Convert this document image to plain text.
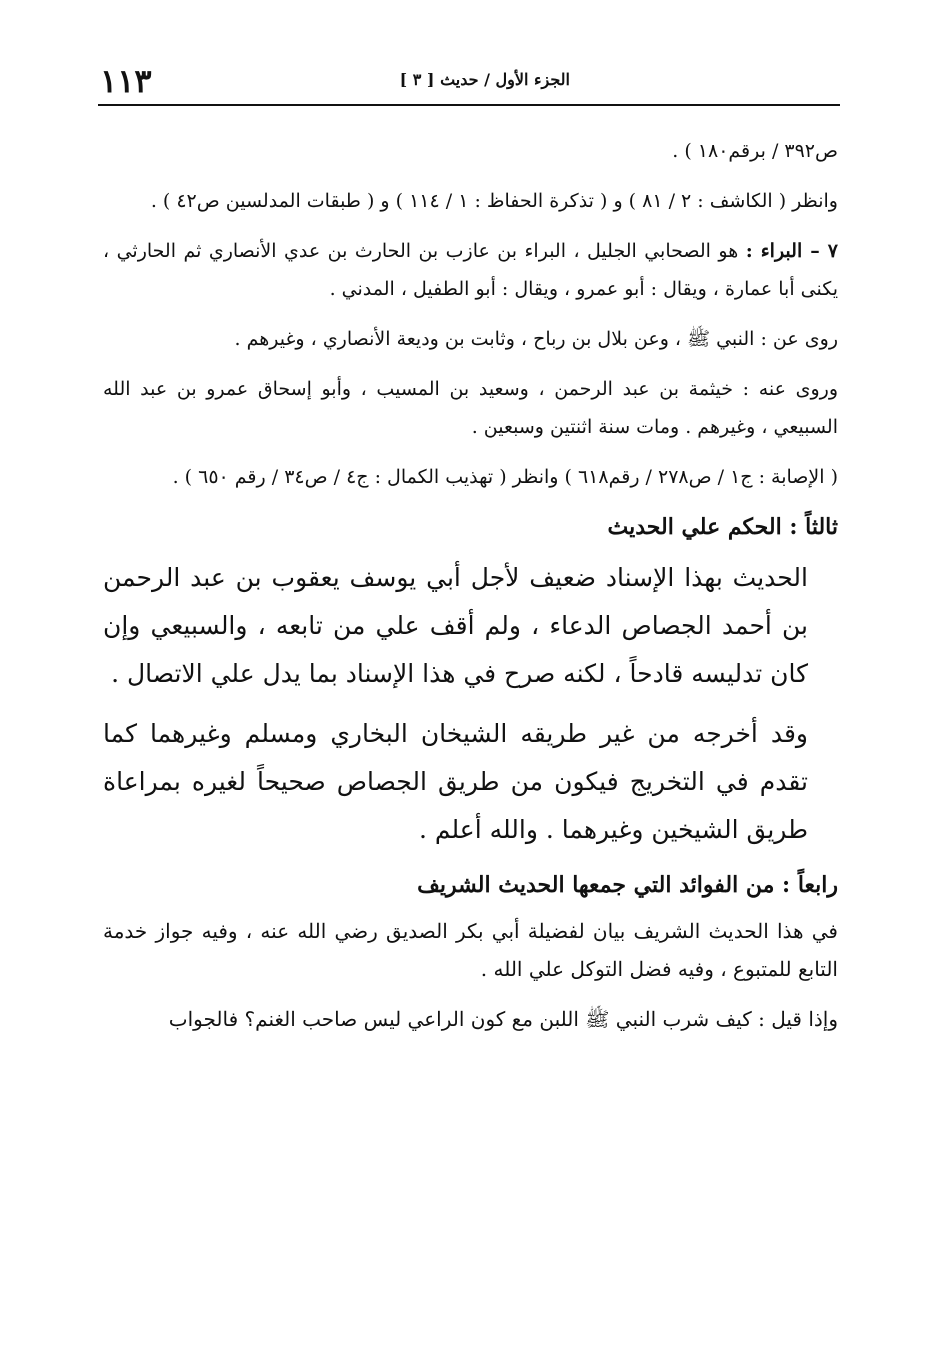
الجزء الأول / حديث [ ٣ ]
١١٣

ص٣٩٢ / برقم١٨٠ ) .

وانظر ( الكاشف : ٢ / ٨١ ) و ( تذكرة الحفاظ : ١ / ١١٤ ) و ( طبقات المدلسين ص٤٢ ) .

٧ – البراء : هو الصحابي الجليل ، البراء بن عازب بن الحارث بن عدي الأنصاري ثم الحارثي ، يكنى أبا عمارة ، ويقال : أبو عمرو ، ويقال : أبو الطفيل ، المدني .

روى عن : النبي ﷺ ، وعن بلال بن رباح ، وثابت بن وديعة الأنصاري ، وغيرهم .

وروى عنه : خيثمة بن عبد الرحمن ، وسعيد بن المسيب ، وأبو إسحاق عمرو بن عبد الله السبيعي ، وغيرهم . ومات سنة اثنتين وسبعين .

( الإصابة : ج١ / ص٢٧٨ / رقم٦١٨ ) وانظر ( تهذيب الكمال : ج٤ / ص٣٤ / رقم ٦٥٠ ) .

ثالثاً : الحكم علي الحديث

الحديث بهذا الإسناد ضعيف لأجل أبي يوسف يعقوب بن عبد الرحمن بن أحمد الجصاص الدعاء ، ولم أقف علي من تابعه ، والسبيعي وإن كان تدليسه قادحاً ، لكنه صرح في هذا الإسناد بما يدل علي الاتصال .

وقد أخرجه من غير طريقه الشيخان البخاري ومسلم وغيرهما كما تقدم في التخريج فيكون من طريق الجصاص صحيحاً لغيره بمراعاة طريق الشيخين وغيرهما . والله أعلم .

رابعاً : من الفوائد التي جمعها الحديث الشريف

في هذا الحديث الشريف بيان لفضيلة أبي بكر الصديق رضي الله عنه ، وفيه جواز خدمة التابع للمتبوع ، وفيه فضل التوكل علي الله .

وإذا قيل : كيف شرب النبي ﷺ اللبن مع كون الراعي ليس صاحب الغنم؟ فالجواب
